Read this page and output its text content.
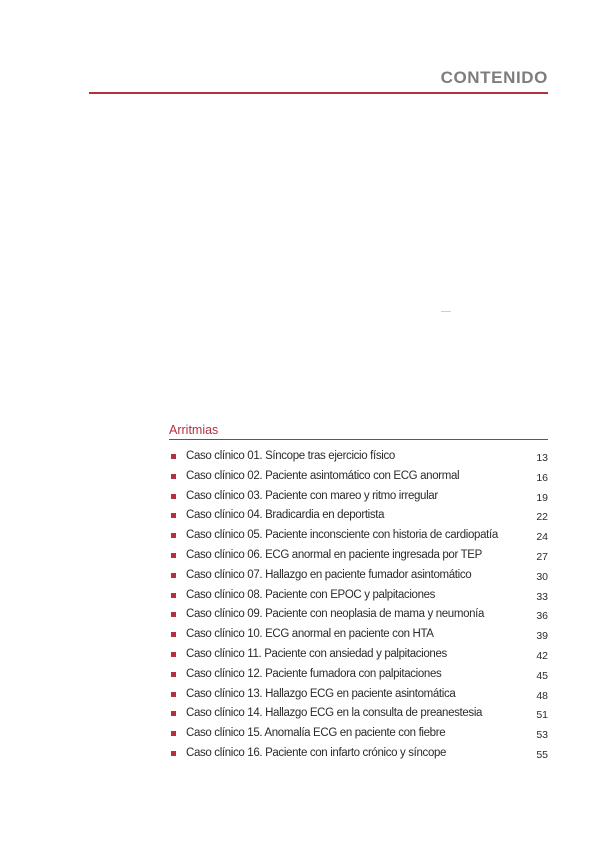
CONTENIDO
Arritmias
Caso clínico 01. Síncope tras ejercicio físico	13
Caso clínico 02. Paciente asintomático con ECG anormal	16
Caso clínico 03. Paciente con mareo y ritmo irregular	19
Caso clínico 04. Bradicardia en deportista	22
Caso clínico 05. Paciente inconsciente con historia de cardiopatía	24
Caso clínico 06. ECG anormal en paciente ingresada por TEP	27
Caso clínico 07. Hallazgo en paciente fumador asintomático	30
Caso clínico 08. Paciente con EPOC y palpitaciones	33
Caso clínico 09. Paciente con neoplasia de mama y neumonía	36
Caso clínico 10. ECG anormal en paciente con HTA	39
Caso clínico 11. Paciente con ansiedad y palpitaciones	42
Caso clínico 12. Paciente fumadora con palpitaciones	45
Caso clínico 13. Hallazgo ECG en paciente asintomática	48
Caso clínico 14. Hallazgo ECG en la consulta de preanestesia	51
Caso clínico 15. Anomalía ECG en paciente con fiebre	53
Caso clínico 16. Paciente con infarto crónico y síncope	55
